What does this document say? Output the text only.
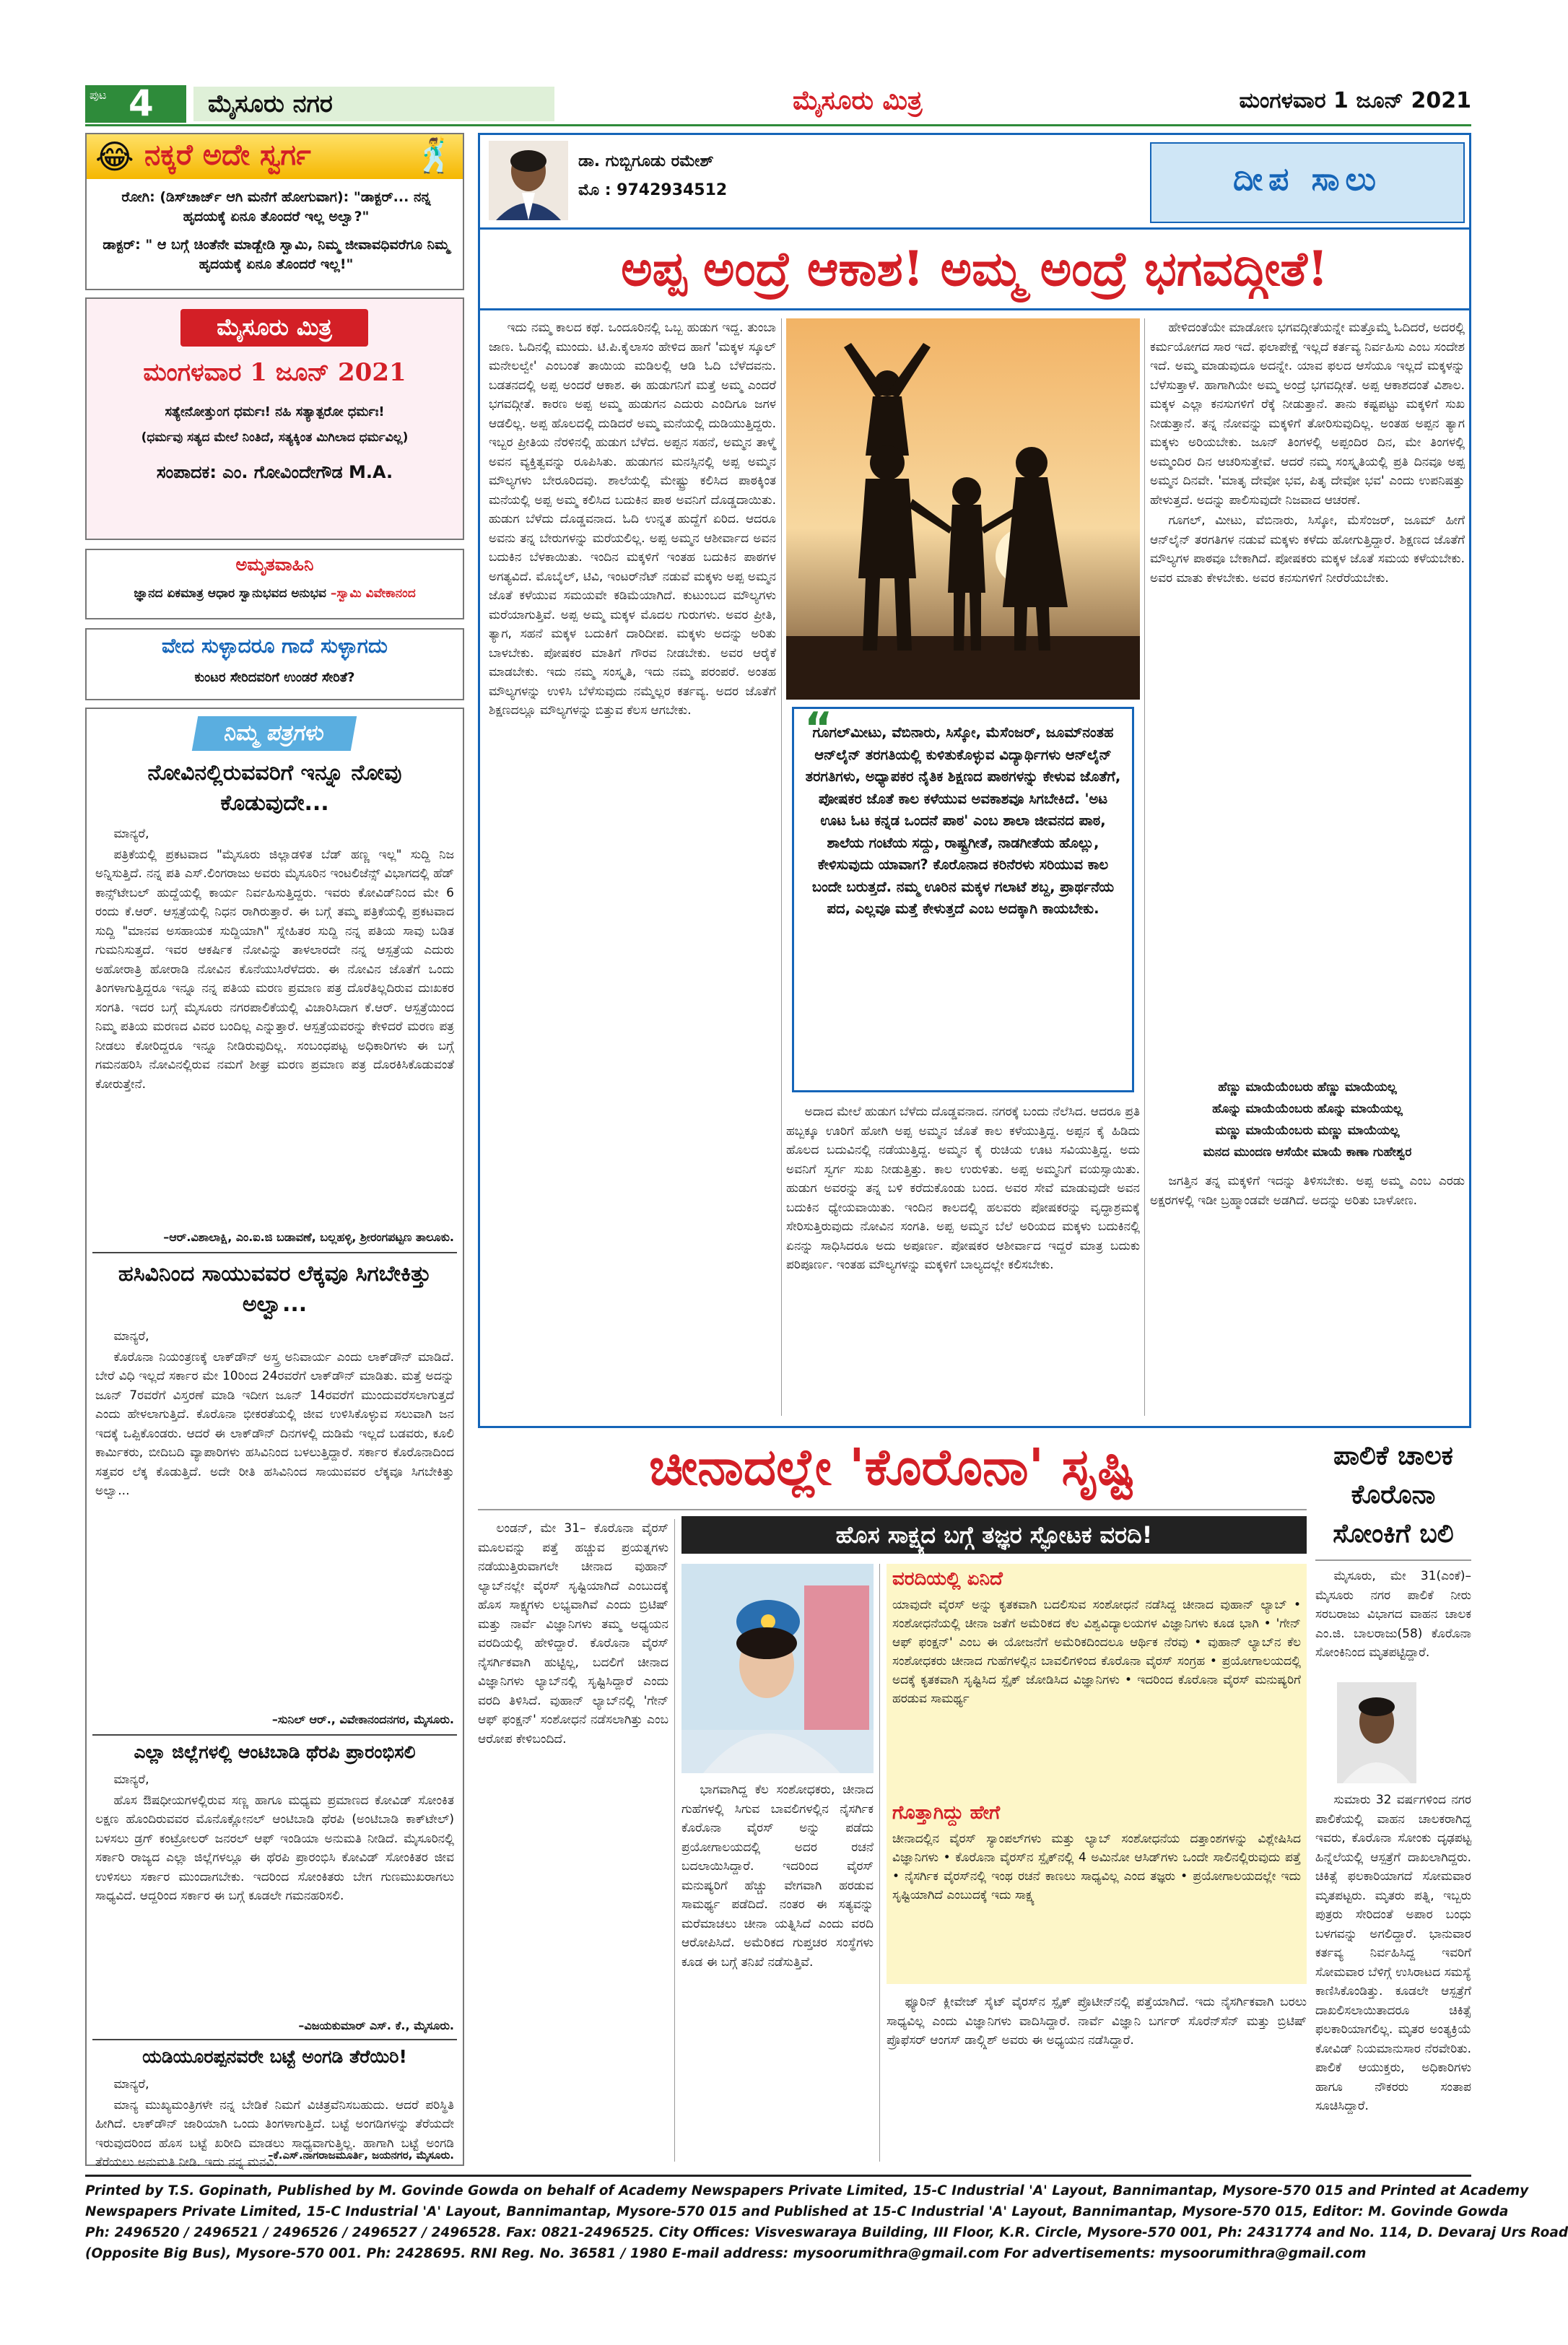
ಪುಟ 4	ಮೈಸೂರು ನಗರ	ಮೈಸೂರು ಮಿತ್ರ	ಮಂಗಳವಾರ 1 ಜೂನ್ 2021
😂 ನಕ್ಕರೆ ಅದೇ ಸ್ವರ್ಗ	🕺
ರೋಗಿ: (ಡಿಸ್‌ಚಾರ್ಜ್ ಆಗಿ ಮನೆಗೆ ಹೋಗುವಾಗ): "ಡಾಕ್ಟರ್... ನನ್ನ ಹೃದಯಕ್ಕೆ ಏನೂ ತೊಂದರೆ ಇಲ್ಲ ಅಲ್ವಾ?"
ಡಾಕ್ಟರ್: " ಆ ಬಗ್ಗೆ ಚಿಂತೆನೇ ಮಾಡ್ಬೇಡಿ ಸ್ವಾಮಿ, ನಿಮ್ಮ ಜೀವಾವಧಿವರೆಗೂ ನಿಮ್ಮ ಹೃದಯಕ್ಕೆ ಏನೂ ತೊಂದರೆ ಇಲ್ಲ!"
ಮೈಸೂರು ಮಿತ್ರ
ಮಂಗಳವಾರ 1 ಜೂನ್ 2021
ಸತ್ಯೇನೋತ್ತುಂಗ ಧರ್ಮಃ! ನಹಿ ಸತ್ಯಾತ್ಪರೋ ಧರ್ಮಃ!
(ಧರ್ಮವು ಸತ್ಯದ ಮೇಲೆ ನಿಂತಿದೆ, ಸತ್ಯಕ್ಕಿಂತ ಮಿಗಿಲಾದ ಧರ್ಮವಿಲ್ಲ)
ಸಂಪಾದಕ: ಎಂ. ಗೋವಿಂದೇಗೌಡ M.A.
ಅಮೃತವಾಹಿನಿ
ಜ್ಞಾನದ ಏಕಮಾತ್ರ ಆಧಾರ ಸ್ವಾನುಭವದ ಅನುಭವ –ಸ್ವಾಮಿ ವಿವೇಕಾನಂದ
ವೇದ ಸುಳ್ಳಾದರೂ ಗಾದೆ ಸುಳ್ಳಾಗದು
ಕುಂಟರ ಸೇರಿದವರಿಗೆ ಉಂಡರೆ ಸೇರಿತೆ?
ನಿಮ್ಮ ಪತ್ರಗಳು
ನೋವಿನಲ್ಲಿರುವವರಿಗೆ ಇನ್ನೂ ನೋವು ಕೊಡುವುದೇ...

ಮಾನ್ಯರೆ,

ಪತ್ರಿಕೆಯಲ್ಲಿ ಪ್ರಕಟವಾದ "ಮೈಸೂರು ಜಿಲ್ಲಾಡಳಿತ ಬೆಡ್ ಹಣ್ಣ ಇಲ್ಲ" ಸುದ್ದಿ ನಿಜ ಅನ್ನಿಸುತ್ತಿದೆ. ನನ್ನ ಪತಿ ಎಸ್.ಲಿಂಗರಾಜು ಅವರು ಮೈಸೂರಿನ ಇಂಟಲಿಜೆನ್ಸ್ ವಿಭಾಗದಲ್ಲಿ ಹೆಡ್ ಕಾನ್ಸ್‌ಟೇಬಲ್ ಹುದ್ದೆಯಲ್ಲಿ ಕಾರ್ಯ ನಿರ್ವಹಿಸುತ್ತಿದ್ದರು. ಇವರು ಕೋವಿಡ್‌ನಿಂದ ಮೇ 6 ರಂದು ಕೆ.ಆರ್. ಆಸ್ಪತ್ರೆಯಲ್ಲಿ ನಿಧನ ರಾಗಿರುತ್ತಾರೆ. ಈ ಬಗ್ಗೆ ತಮ್ಮ ಪತ್ರಿಕೆಯಲ್ಲಿ ಪ್ರಕಟವಾದ ಸುದ್ದಿ "ಮಾನವ ಅಸಹಾಯಕ ಸುದ್ದಿಯಾಗಿ" ಸ್ನೇಹಿತರ ಸುದ್ದಿ ನನ್ನ ಪತಿಯ ಸಾವು ಬಡಿತ ಗುಮನಿಸುತ್ತದೆ. ಇವರ ಆಕರ್ಷಿಕ ನೋವಿನ್ನು ತಾಳಲಾರದೇ ನನ್ನ ಆಸ್ಪತ್ರೆಯ ಎದುರು ಅಹೋರಾತ್ರಿ ಹೋರಾಡಿ ನೋವಿನ ಕೊನೆಯುಸಿರೆಳೆದರು. ಈ ನೋವಿನ ಜೊತೆಗೆ ಒಂದು ತಿಂಗಳಾಗುತ್ತಿದ್ದರೂ ಇನ್ನೂ ನನ್ನ ಪತಿಯ ಮರಣ ಪ್ರಮಾಣ ಪತ್ರ ದೊರೆತಿಲ್ಲದಿರುವ ದುಃಖಕರ ಸಂಗತಿ. ಇದರ ಬಗ್ಗೆ ಮೈಸೂರು ನಗರಪಾಲಿಕೆಯಲ್ಲಿ ವಿಚಾರಿಸಿದಾಗ ಕೆ.ಆರ್. ಆಸ್ಪತ್ರೆಯಿಂದ ನಿಮ್ಮ ಪತಿಯ ಮರಣದ ವಿವರ ಬಂದಿಲ್ಲ ಎನ್ನುತ್ತಾರೆ. ಆಸ್ಪತ್ರೆಯವರನ್ನು ಕೇಳಿದರೆ ಮರಣ ಪತ್ರ ನೀಡಲು ಕೋರಿದ್ದರೂ ಇನ್ನೂ ನೀಡಿರುವುದಿಲ್ಲ. ಸಂಬಂಧಪಟ್ಟ ಅಧಿಕಾರಿಗಳು ಈ ಬಗ್ಗೆ ಗಮನಹರಿಸಿ ನೋವಿನಲ್ಲಿರುವ ನಮಗೆ ಶೀಘ್ರ ಮರಣ ಪ್ರಮಾಣ ಪತ್ರ ದೊರಕಿಸಿಕೊಡುವಂತೆ ಕೋರುತ್ತೇನೆ.

–ಆರ್.ವಿಶಾಲಾಕ್ಷಿ, ಎಂ.ಐ.ಜಿ ಬಡಾವಣೆ, ಬಲ್ಲಹಳ್ಳಿ, ಶ್ರೀರಂಗಪಟ್ಟಣ ತಾಲೂಕು.
ಹಸಿವಿನಿಂದ ಸಾಯುವವರ ಲೆಕ್ಕವೂ ಸಿಗಬೇಕಿತ್ತು ಅಲ್ವಾ...

ಮಾನ್ಯರೆ,

ಕೊರೊನಾ ನಿಯಂತ್ರಣಕ್ಕೆ ಲಾಕ್‌ಡೌನ್ ಅಸ್ತ್ರ ಅನಿವಾರ್ಯ ಎಂದು ಲಾಕ್‌ಡೌನ್ ಮಾಡಿದೆ. ಬೇರೆ ವಿಧಿ ಇಲ್ಲದೆ ಸರ್ಕಾರ ಮೇ 10ರಿಂದ 24ರವರೆಗೆ ಲಾಕ್‌ಡೌನ್ ಮಾಡಿತು. ಮತ್ತೆ ಅದನ್ನು ಜೂನ್ 7ರವರೆಗೆ ವಿಸ್ತರಣೆ ಮಾಡಿ ಇದೀಗ ಜೂನ್ 14ರವರೆಗೆ ಮುಂದುವರೆಸಲಾಗುತ್ತದೆ ಎಂದು ಹೇಳಲಾಗುತ್ತಿದೆ. ಕೊರೊನಾ ಭೀಕರತೆಯಲ್ಲಿ ಜೀವ ಉಳಿಸಿಕೊಳ್ಳುವ ಸಲುವಾಗಿ ಜನ ಇದಕ್ಕೆ ಒಪ್ಪಿಕೊಂಡರು. ಆದರೆ ಈ ಲಾಕ್‌ಡೌನ್ ದಿನಗಳಲ್ಲಿ ದುಡಿಮೆ ಇಲ್ಲದೆ ಬಡವರು, ಕೂಲಿ ಕಾರ್ಮಿಕರು, ಬೀದಿಬದಿ ವ್ಯಾಪಾರಿಗಳು ಹಸಿವಿನಿಂದ ಬಳಲುತ್ತಿದ್ದಾರೆ. ಸರ್ಕಾರ ಕೊರೊನಾದಿಂದ ಸತ್ತವರ ಲೆಕ್ಕ ಕೊಡುತ್ತಿದೆ. ಅದೇ ರೀತಿ ಹಸಿವಿನಿಂದ ಸಾಯುವವರ ಲೆಕ್ಕವೂ ಸಿಗಬೇಕಿತ್ತು ಅಲ್ವಾ...

–ಸುನಿಲ್ ಆರ್., ವಿವೇಕಾನಂದನಗರ, ಮೈಸೂರು.
ಎಲ್ಲಾ ಜಿಲ್ಲೆಗಳಲ್ಲಿ ಆಂಟಿಬಾಡಿ ಥೆರಪಿ ಪ್ರಾರಂಭಿಸಲಿ

ಮಾನ್ಯರೆ,

ಹೊಸ ಔಷಧೀಯಗಳಲ್ಲಿರುವ ಸಣ್ಣ ಹಾಗೂ ಮಧ್ಯಮ ಪ್ರಮಾಣದ ಕೋವಿಡ್ ಸೋಂಕಿತ ಲಕ್ಷಣ ಹೊಂದಿರುವವರ ಮೊನೊಕ್ಲೋನಲ್ ಆಂಟಿಬಾಡಿ ಥೆರಪಿ (ಅಂಟಿಬಾಡಿ ಕಾಕ್‌ಟೇಲ್) ಬಳಸಲು ಡ್ರಗ್ ಕಂಟ್ರೋಲರ್ ಜನರಲ್ ಆಫ್ ಇಂಡಿಯಾ ಅನುಮತಿ ನೀಡಿದೆ. ಮೈಸೂರಿನಲ್ಲಿ ಸರ್ಕಾರಿ ರಾಜ್ಯದ ಎಲ್ಲಾ ಜಿಲ್ಲೆಗಳಲ್ಲೂ ಈ ಥೆರಪಿ ಪ್ರಾರಂಭಿಸಿ ಕೋವಿಡ್ ಸೋಂಕಿತರ ಜೀವ ಉಳಿಸಲು ಸರ್ಕಾರ ಮುಂದಾಗಬೇಕು. ಇದರಿಂದ ಸೋಂಕಿತರು ಬೇಗ ಗುಣಮುಖರಾಗಲು ಸಾಧ್ಯವಿದೆ. ಆದ್ದರಿಂದ ಸರ್ಕಾರ ಈ ಬಗ್ಗೆ ಕೂಡಲೇ ಗಮನಹರಿಸಲಿ.

–ವಿಜಯಕುಮಾರ್ ಎಸ್. ಕೆ., ಮೈಸೂರು.
ಯಡಿಯೂರಪ್ಪನವರೇ ಬಟ್ಟೆ ಅಂಗಡಿ ತೆರೆಯಿರಿ!

ಮಾನ್ಯರೆ,

ಮಾನ್ಯ ಮುಖ್ಯಮಂತ್ರಿಗಳೇ ನನ್ನ ಬೇಡಿಕೆ ನಿಮಗೆ ವಿಚಿತ್ರವೆನಿಸಬಹುದು. ಆದರೆ ಪರಿಸ್ಥಿತಿ ಹೀಗಿದೆ. ಲಾಕ್‌ಡೌನ್ ಜಾರಿಯಾಗಿ ಒಂದು ತಿಂಗಳಾಗುತ್ತಿದೆ. ಬಟ್ಟೆ ಅಂಗಡಿಗಳನ್ನು ತೆರೆಯದೇ ಇರುವುದರಿಂದ ಹೊಸ ಬಟ್ಟೆ ಖರೀದಿ ಮಾಡಲು ಸಾಧ್ಯವಾಗುತ್ತಿಲ್ಲ. ಹಾಗಾಗಿ ಬಟ್ಟೆ ಅಂಗಡಿ ತೆರೆಯಲು ಅನುಮತಿ ನೀಡಿ. ಇದು ನನ್ನ ಮನವಿ.

–ಕೆ.ಎಸ್.ನಾಗರಾಜಮೂರ್ತಿ, ಜಯನಗರ, ಮೈಸೂರು.
ಡಾ. ಗುಬ್ಬಿಗೂಡು ರಮೇಶ್
ಮೊ : 9742934512	ದೀಪ ಸಾಲು
ಅಪ್ಪ ಅಂದ್ರೆ ಆಕಾಶ! ಅಮ್ಮ ಅಂದ್ರೆ ಭಗವದ್ಗೀತೆ!

ಇದು ನಮ್ಮ ಕಾಲದ ಕಥೆ. ಒಂದೂರಿನಲ್ಲಿ ಒಬ್ಬ ಹುಡುಗ ಇದ್ದ. ತುಂಬಾ ಜಾಣ. ಓದಿನಲ್ಲಿ ಮುಂದು. ಟಿ.ಪಿ.ಕೈಲಾಸಂ ಹೇಳಿದ ಹಾಗೆ 'ಮಕ್ಕಳ ಸ್ಕೂಲ್ ಮನೇಲಲ್ವೇ' ಎಂಬಂತೆ ತಾಯಿಯ ಮಡಿಲಲ್ಲಿ ಆಡಿ ಓದಿ ಬೆಳೆದವನು. ಬಡತನದಲ್ಲಿ ಅಪ್ಪ ಅಂದರೆ ಆಕಾಶ. ಈ ಹುಡುಗನಿಗೆ ಮತ್ತೆ ಅಮ್ಮ ಎಂದರೆ ಭಗವದ್ಗೀತೆ. ಕಾರಣ ಅಪ್ಪ ಅಮ್ಮ ಹುಡುಗನ ಎದುರು ಎಂದಿಗೂ ಜಗಳ ಆಡಲಿಲ್ಲ. ಅಪ್ಪ ಹೊಲದಲ್ಲಿ ದುಡಿದರೆ ಅಮ್ಮ ಮನೆಯಲ್ಲಿ ದುಡಿಯುತ್ತಿದ್ದರು. ಇಬ್ಬರ ಪ್ರೀತಿಯ ನೆರಳಿನಲ್ಲಿ ಹುಡುಗ ಬೆಳೆದ. ಅಪ್ಪನ ಸಹನೆ, ಅಮ್ಮನ ತಾಳ್ಮೆ ಅವನ ವ್ಯಕ್ತಿತ್ವವನ್ನು ರೂಪಿಸಿತು. ಹುಡುಗನ ಮನಸ್ಸಿನಲ್ಲಿ ಅಪ್ಪ ಅಮ್ಮನ ಮೌಲ್ಯಗಳು ಬೇರೂರಿದವು. ಶಾಲೆಯಲ್ಲಿ ಮೇಷ್ಟ್ರು ಕಲಿಸಿದ ಪಾಠಕ್ಕಿಂತ ಮನೆಯಲ್ಲಿ ಅಪ್ಪ ಅಮ್ಮ ಕಲಿಸಿದ ಬದುಕಿನ ಪಾಠ ಅವನಿಗೆ ದೊಡ್ಡದಾಯಿತು. ಹುಡುಗ ಬೆಳೆದು ದೊಡ್ಡವನಾದ. ಓದಿ ಉನ್ನತ ಹುದ್ದೆಗೆ ಏರಿದ. ಆದರೂ ಅವನು ತನ್ನ ಬೇರುಗಳನ್ನು ಮರೆಯಲಿಲ್ಲ. ಅಪ್ಪ ಅಮ್ಮನ ಆಶೀರ್ವಾದ ಅವನ ಬದುಕಿನ ಬೆಳಕಾಯಿತು. ಇಂದಿನ ಮಕ್ಕಳಿಗೆ ಇಂತಹ ಬದುಕಿನ ಪಾಠಗಳ ಅಗತ್ಯವಿದೆ. ಮೊಬೈಲ್, ಟಿವಿ, ಇಂಟರ್‌ನೆಟ್ ನಡುವೆ ಮಕ್ಕಳು ಅಪ್ಪ ಅಮ್ಮನ ಜೊತೆ ಕಳೆಯುವ ಸಮಯವೇ ಕಡಿಮೆಯಾಗಿದೆ. ಕುಟುಂಬದ ಮೌಲ್ಯಗಳು ಮರೆಯಾಗುತ್ತಿವೆ. ಅಪ್ಪ ಅಮ್ಮ ಮಕ್ಕಳ ಮೊದಲ ಗುರುಗಳು. ಅವರ ಪ್ರೀತಿ, ತ್ಯಾಗ, ಸಹನೆ ಮಕ್ಕಳ ಬದುಕಿಗೆ ದಾರಿದೀಪ. ಮಕ್ಕಳು ಅದನ್ನು ಅರಿತು ಬಾಳಬೇಕು. ಪೋಷಕರ ಮಾತಿಗೆ ಗೌರವ ನೀಡಬೇಕು. ಅವರ ಆರೈಕೆ ಮಾಡಬೇಕು. ಇದು ನಮ್ಮ ಸಂಸ್ಕೃತಿ, ಇದು ನಮ್ಮ ಪರಂಪರೆ. ಅಂತಹ ಮೌಲ್ಯಗಳನ್ನು ಉಳಿಸಿ ಬೆಳೆಸುವುದು ನಮ್ಮೆಲ್ಲರ ಕರ್ತವ್ಯ. ಅದರ ಜೊತೆಗೆ ಶಿಕ್ಷಣದಲ್ಲೂ ಮೌಲ್ಯಗಳನ್ನು ಬಿತ್ತುವ ಕೆಲಸ ಆಗಬೇಕು.	“
ಗೂಗಲ್‌ಮೀಟು, ವೆಬಿನಾರು, ಸಿಸ್ಕೋ, ಮೆಸೆಂಜರ್, ಜೂಮ್‌ನಂತಹ ಆನ್‌ಲೈನ್ ತರಗತಿಯಲ್ಲಿ ಕುಳಿತುಕೊಳ್ಳುವ ವಿದ್ಯಾರ್ಥಿಗಳು ಆನ್‌ಲೈನ್ ತರಗತಿಗಳು, ಅಧ್ಯಾಪಕರ ನೈತಿಕ ಶಿಕ್ಷಣದ ಪಾಠಗಳನ್ನು ಕೇಳುವ ಜೊತೆಗೆ, ಪೋಷಕರ ಜೊತೆ ಕಾಲ ಕಳೆಯುವ ಅವಕಾಶವೂ ಸಿಗಬೇಕಿದೆ. 'ಅಟ ಊಟ ಓಟ ಕನ್ನಡ ಒಂದನೆ ಪಾಠ' ಎಂಬ ಶಾಲಾ ಜೀವನದ ಪಾಠ, ಶಾಲೆಯ ಗಂಟೆಯ ಸದ್ದು, ರಾಷ್ಟ್ರಗೀತೆ, ನಾಡಗೀತೆಯ ಹೊಲ್ಲು, ಕೇಳಿಸುವುದು ಯಾವಾಗ? ಕೊರೊನಾದ ಕರಿನೆರಳು ಸರಿಯುವ ಕಾಲ ಬಂದೇ ಬರುತ್ತದೆ. ನಮ್ಮ ಊರಿನ ಮಕ್ಕಳ ಗಲಾಟೆ ಶಬ್ದ, ಪ್ರಾರ್ಥನೆಯ ಪದ, ಎಲ್ಲವೂ ಮತ್ತೆ ಕೇಳುತ್ತದೆ ಎಂಬ ಅದಕ್ಕಾಗಿ ಕಾಯಬೇಕು.

ಅದಾದ ಮೇಲೆ ಹುಡುಗ ಬೆಳೆದು ದೊಡ್ಡವನಾದ. ನಗರಕ್ಕೆ ಬಂದು ನೆಲೆಸಿದ. ಆದರೂ ಪ್ರತಿ ಹಬ್ಬಕ್ಕೂ ಊರಿಗೆ ಹೋಗಿ ಅಪ್ಪ ಅಮ್ಮನ ಜೊತೆ ಕಾಲ ಕಳೆಯುತ್ತಿದ್ದ. ಅಪ್ಪನ ಕೈ ಹಿಡಿದು ಹೊಲದ ಬದುವಿನಲ್ಲಿ ನಡೆಯುತ್ತಿದ್ದ. ಅಮ್ಮನ ಕೈ ರುಚಿಯ ಊಟ ಸವಿಯುತ್ತಿದ್ದ. ಅದು ಅವನಿಗೆ ಸ್ವರ್ಗ ಸುಖ ನೀಡುತ್ತಿತ್ತು. ಕಾಲ ಉರುಳಿತು. ಅಪ್ಪ ಅಮ್ಮನಿಗೆ ವಯಸ್ಸಾಯಿತು. ಹುಡುಗ ಅವರನ್ನು ತನ್ನ ಬಳಿ ಕರೆದುಕೊಂಡು ಬಂದ. ಅವರ ಸೇವೆ ಮಾಡುವುದೇ ಅವನ ಬದುಕಿನ ಧ್ಯೇಯವಾಯಿತು. ಇಂದಿನ ಕಾಲದಲ್ಲಿ ಹಲವರು ಪೋಷಕರನ್ನು ವೃದ್ಧಾಶ್ರಮಕ್ಕೆ ಸೇರಿಸುತ್ತಿರುವುದು ನೋವಿನ ಸಂಗತಿ. ಅಪ್ಪ ಅಮ್ಮನ ಬೆಲೆ ಅರಿಯದ ಮಕ್ಕಳು ಬದುಕಿನಲ್ಲಿ ಏನನ್ನು ಸಾಧಿಸಿದರೂ ಅದು ಅಪೂರ್ಣ. ಪೋಷಕರ ಆಶೀರ್ವಾದ ಇದ್ದರೆ ಮಾತ್ರ ಬದುಕು ಪರಿಪೂರ್ಣ. ಇಂತಹ ಮೌಲ್ಯಗಳನ್ನು ಮಕ್ಕಳಿಗೆ ಬಾಲ್ಯದಲ್ಲೇ ಕಲಿಸಬೇಕು.

ಹೇಳಿದಂತೆಯೇ ಮಾಡೋಣ ಭಗವದ್ಗೀತೆಯನ್ನೇ ಮತ್ತೊಮ್ಮೆ ಓದಿದರೆ, ಅದರಲ್ಲಿ ಕರ್ಮಯೋಗದ ಸಾರ ಇದೆ. ಫಲಾಪೇಕ್ಷೆ ಇಲ್ಲದೆ ಕರ್ತವ್ಯ ನಿರ್ವಹಿಸು ಎಂಬ ಸಂದೇಶ ಇದೆ. ಅಮ್ಮ ಮಾಡುವುದೂ ಅದನ್ನೇ. ಯಾವ ಫಲದ ಆಸೆಯೂ ಇಲ್ಲದೆ ಮಕ್ಕಳನ್ನು ಬೆಳೆಸುತ್ತಾಳೆ. ಹಾಗಾಗಿಯೇ ಅಮ್ಮ ಅಂದ್ರೆ ಭಗವದ್ಗೀತೆ. ಅಪ್ಪ ಆಕಾಶದಂತೆ ವಿಶಾಲ. ಮಕ್ಕಳ ಎಲ್ಲಾ ಕನಸುಗಳಿಗೆ ರೆಕ್ಕೆ ನೀಡುತ್ತಾನೆ. ತಾನು ಕಷ್ಟಪಟ್ಟು ಮಕ್ಕಳಿಗೆ ಸುಖ ನೀಡುತ್ತಾನೆ. ತನ್ನ ನೋವನ್ನು ಮಕ್ಕಳಿಗೆ ತೋರಿಸುವುದಿಲ್ಲ. ಅಂತಹ ಅಪ್ಪನ ತ್ಯಾಗ ಮಕ್ಕಳು ಅರಿಯಬೇಕು. ಜೂನ್ ತಿಂಗಳಲ್ಲಿ ಅಪ್ಪಂದಿರ ದಿನ, ಮೇ ತಿಂಗಳಲ್ಲಿ ಅಮ್ಮಂದಿರ ದಿನ ಆಚರಿಸುತ್ತೇವೆ. ಆದರೆ ನಮ್ಮ ಸಂಸ್ಕೃತಿಯಲ್ಲಿ ಪ್ರತಿ ದಿನವೂ ಅಪ್ಪ ಅಮ್ಮನ ದಿನವೇ. 'ಮಾತೃ ದೇವೋ ಭವ, ಪಿತೃ ದೇವೋ ಭವ' ಎಂದು ಉಪನಿಷತ್ತು ಹೇಳುತ್ತದೆ. ಅದನ್ನು ಪಾಲಿಸುವುದೇ ನಿಜವಾದ ಆಚರಣೆ.

ಗೂಗಲ್, ಮೀಟು, ವೆಬಿನಾರು, ಸಿಸ್ಕೋ, ಮೆಸೆಂಜರ್, ಜೂಮ್ ಹೀಗೆ ಆನ್‌ಲೈನ್ ತರಗತಿಗಳ ನಡುವೆ ಮಕ್ಕಳು ಕಳೆದು ಹೋಗುತ್ತಿದ್ದಾರೆ. ಶಿಕ್ಷಣದ ಜೊತೆಗೆ ಮೌಲ್ಯಗಳ ಪಾಠವೂ ಬೇಕಾಗಿದೆ. ಪೋಷಕರು ಮಕ್ಕಳ ಜೊತೆ ಸಮಯ ಕಳೆಯಬೇಕು. ಅವರ ಮಾತು ಕೇಳಬೇಕು. ಅವರ ಕನಸುಗಳಿಗೆ ನೀರೆರೆಯಬೇಕು.

ಹೆಣ್ಣು ಮಾಯೆಯೆಂಬರು ಹೆಣ್ಣು ಮಾಯೆಯಲ್ಲ
ಹೊನ್ನು ಮಾಯೆಯೆಂಬರು ಹೊನ್ನು ಮಾಯೆಯಲ್ಲ
ಮಣ್ಣು ಮಾಯೆಯೆಂಬರು ಮಣ್ಣು ಮಾಯೆಯಲ್ಲ
ಮನದ ಮುಂದಣ ಆಸೆಯೇ ಮಾಯೆ ಕಾಣಾ ಗುಹೇಶ್ವರ

ಜಗತ್ತಿನ ತನ್ನ ಮಕ್ಕಳಿಗೆ ಇದನ್ನು ತಿಳಿಸಬೇಕು. ಅಪ್ಪ ಅಮ್ಮ ಎಂಬ ಎರಡು ಅಕ್ಷರಗಳಲ್ಲಿ ಇಡೀ ಬ್ರಹ್ಮಾಂಡವೇ ಅಡಗಿದೆ. ಅದನ್ನು ಅರಿತು ಬಾಳೋಣ.

ಚೀನಾದಲ್ಲೇ 'ಕೊರೊನಾ' ಸೃಷ್ಟಿ

ಲಂಡನ್, ಮೇ 31– ಕೊರೊನಾ ವೈರಸ್ ಮೂಲವನ್ನು ಪತ್ತೆ ಹಚ್ಚುವ ಪ್ರಯತ್ನಗಳು ನಡೆಯುತ್ತಿರುವಾಗಲೇ ಚೀನಾದ ವುಹಾನ್ ಲ್ಯಾಬ್‌ನಲ್ಲೇ ವೈರಸ್ ಸೃಷ್ಟಿಯಾಗಿದೆ ಎಂಬುದಕ್ಕೆ ಹೊಸ ಸಾಕ್ಷ್ಯಗಳು ಲಭ್ಯವಾಗಿವೆ ಎಂದು ಬ್ರಿಟಿಷ್ ಮತ್ತು ನಾರ್ವೆ ವಿಜ್ಞಾನಿಗಳು ತಮ್ಮ ಅಧ್ಯಯನ ವರದಿಯಲ್ಲಿ ಹೇಳಿದ್ದಾರೆ. ಕೊರೊನಾ ವೈರಸ್ ನೈಸರ್ಗಿಕವಾಗಿ ಹುಟ್ಟಿಲ್ಲ, ಬದಲಿಗೆ ಚೀನಾದ ವಿಜ್ಞಾನಿಗಳು ಲ್ಯಾಬ್‌ನಲ್ಲಿ ಸೃಷ್ಟಿಸಿದ್ದಾರೆ ಎಂದು ವರದಿ ತಿಳಿಸಿದೆ. ವುಹಾನ್ ಲ್ಯಾಬ್‌ನಲ್ಲಿ 'ಗೇನ್ ಆಫ್ ಫಂಕ್ಷನ್' ಸಂಶೋಧನೆ ನಡೆಸಲಾಗಿತ್ತು ಎಂಬ ಆರೋಪ ಕೇಳಿಬಂದಿದೆ.

ಹೊಸ ಸಾಕ್ಷ್ಯದ ಬಗ್ಗೆ ತಜ್ಞರ ಸ್ಫೋಟಕ ವರದಿ!

ಭಾಗವಾಗಿದ್ದ ಕೆಲ ಸಂಶೋಧಕರು, ಚೀನಾದ ಗುಹೆಗಳಲ್ಲಿ ಸಿಗುವ ಬಾವಲಿಗಳಲ್ಲಿನ ನೈಸರ್ಗಿಕ ಕೊರೊನಾ ವೈರಸ್ ಅನ್ನು ಪಡೆದು ಪ್ರಯೋಗಾಲಯದಲ್ಲಿ ಅದರ ರಚನೆ ಬದಲಾಯಿಸಿದ್ದಾರೆ. ಇದರಿಂದ ವೈರಸ್ ಮನುಷ್ಯರಿಗೆ ಹೆಚ್ಚು ವೇಗವಾಗಿ ಹರಡುವ ಸಾಮರ್ಥ್ಯ ಪಡೆದಿದೆ. ನಂತರ ಈ ಸತ್ಯವನ್ನು ಮರೆಮಾಚಲು ಚೀನಾ ಯತ್ನಿಸಿದೆ ಎಂದು ವರದಿ ಆರೋಪಿಸಿದೆ. ಅಮೆರಿಕದ ಗುಪ್ತಚರ ಸಂಸ್ಥೆಗಳು ಕೂಡ ಈ ಬಗ್ಗೆ ತನಿಖೆ ನಡೆಸುತ್ತಿವೆ.

ವರದಿಯಲ್ಲಿ ಏನಿದೆ
ಯಾವುದೇ ವೈರಸ್ ಅನ್ನು ಕೃತಕವಾಗಿ ಬದಲಿಸುವ ಸಂಶೋಧನೆ ನಡೆಸಿದ್ದ ಚೀನಾದ ವುಹಾನ್ ಲ್ಯಾಬ್ • ಸಂಶೋಧನೆಯಲ್ಲಿ ಚೀನಾ ಜತೆಗೆ ಅಮೆರಿಕದ ಕೆಲ ವಿಶ್ವವಿದ್ಯಾಲಯಗಳ ವಿಜ್ಞಾನಿಗಳು ಕೂಡ ಭಾಗಿ • 'ಗೇನ್ ಆಫ್ ಫಂಕ್ಷನ್' ಎಂಬ ಈ ಯೋಜನೆಗೆ ಅಮೆರಿಕದಿಂದಲೂ ಆರ್ಥಿಕ ನೆರವು • ವುಹಾನ್ ಲ್ಯಾಬ್‌ನ ಕೆಲ ಸಂಶೋಧಕರು ಚೀನಾದ ಗುಹೆಗಳಲ್ಲಿನ ಬಾವಲಿಗಳಿಂದ ಕೊರೊನಾ ವೈರಸ್ ಸಂಗ್ರಹ • ಪ್ರಯೋಗಾಲಯದಲ್ಲಿ ಅದಕ್ಕೆ ಕೃತಕವಾಗಿ ಸೃಷ್ಟಿಸಿದ ಸ್ಪೈಕ್ ಜೋಡಿಸಿದ ವಿಜ್ಞಾನಿಗಳು • ಇದರಿಂದ ಕೊರೊನಾ ವೈರಸ್ ಮನುಷ್ಯರಿಗೆ ಹರಡುವ ಸಾಮರ್ಥ್ಯ
ಗೊತ್ತಾಗಿದ್ದು ಹೇಗೆ
ಚೀನಾದಲ್ಲಿನ ವೈರಸ್ ಸ್ಯಾಂಪಲ್‌ಗಳು ಮತ್ತು ಲ್ಯಾಬ್ ಸಂಶೋಧನೆಯ ದತ್ತಾಂಶಗಳನ್ನು ವಿಶ್ಲೇಷಿಸಿದ ವಿಜ್ಞಾನಿಗಳು • ಕೊರೊನಾ ವೈರಸ್‌ನ ಸ್ಪೈಕ್‌ನಲ್ಲಿ 4 ಅಮಿನೋ ಆಸಿಡ್‌ಗಳು ಒಂದೇ ಸಾಲಿನಲ್ಲಿರುವುದು ಪತ್ತೆ • ನೈಸರ್ಗಿಕ ವೈರಸ್‌ನಲ್ಲಿ ಇಂಥ ರಚನೆ ಕಾಣಲು ಸಾಧ್ಯವಿಲ್ಲ ಎಂದ ತಜ್ಞರು • ಪ್ರಯೋಗಾಲಯದಲ್ಲೇ ಇದು ಸೃಷ್ಟಿಯಾಗಿದೆ ಎಂಬುದಕ್ಕೆ ಇದು ಸಾಕ್ಷ್ಯ

ಫ್ಯೂರಿನ್ ಕ್ಲೀವೇಜ್ ಸೈಟ್ ವೈರಸ್‌ನ ಸ್ಪೈಕ್ ಪ್ರೊಟೀನ್‌ನಲ್ಲಿ ಪತ್ತೆಯಾಗಿದೆ. ಇದು ನೈಸರ್ಗಿಕವಾಗಿ ಬರಲು ಸಾಧ್ಯವಿಲ್ಲ ಎಂದು ವಿಜ್ಞಾನಿಗಳು ವಾದಿಸಿದ್ದಾರೆ. ನಾರ್ವೆ ವಿಜ್ಞಾನಿ ಬರ್ಗರ್ ಸೊರೆನ್‌ಸೆನ್ ಮತ್ತು ಬ್ರಿಟಿಷ್ ಪ್ರೊಫೆಸರ್ ಆಂಗಸ್ ಡಾಲ್ಗ್ಲಿಶ್ ಅವರು ಈ ಅಧ್ಯಯನ ನಡೆಸಿದ್ದಾರೆ.

ಪಾಲಿಕೆ ಚಾಲಕ ಕೊರೊನಾ ಸೋಂಕಿಗೆ ಬಲಿ

ಮೈಸೂರು, ಮೇ 31(ಎಂಕೆ)– ಮೈಸೂರು ನಗರ ಪಾಲಿಕೆ ನೀರು ಸರಬರಾಜು ವಿಭಾಗದ ವಾಹನ ಚಾಲಕ ಎಂ.ಜಿ. ಬಾಲರಾಜು(58) ಕೊರೊನಾ ಸೋಂಕಿನಿಂದ ಮೃತಪಟ್ಟಿದ್ದಾರೆ.

ಸುಮಾರು 32 ವರ್ಷಗಳಿಂದ ನಗರ ಪಾಲಿಕೆಯಲ್ಲಿ ವಾಹನ ಚಾಲಕರಾಗಿದ್ದ ಇವರು, ಕೊರೊನಾ ಸೋಂಕು ದೃಢಪಟ್ಟ ಹಿನ್ನೆಲೆಯಲ್ಲಿ ಆಸ್ಪತ್ರೆಗೆ ದಾಖಲಾಗಿದ್ದರು. ಚಿಕಿತ್ಸೆ ಫಲಕಾರಿಯಾಗದೆ ಸೋಮವಾರ ಮೃತಪಟ್ಟರು. ಮೃತರು ಪತ್ನಿ, ಇಬ್ಬರು ಪುತ್ರರು ಸೇರಿದಂತೆ ಅಪಾರ ಬಂಧು ಬಳಗವನ್ನು ಅಗಲಿದ್ದಾರೆ. ಭಾನುವಾರ ಕರ್ತವ್ಯ ನಿರ್ವಹಿಸಿದ್ದ ಇವರಿಗೆ ಸೋಮವಾರ ಬೆಳಿಗ್ಗೆ ಉಸಿರಾಟದ ಸಮಸ್ಯೆ ಕಾಣಿಸಿಕೊಂಡಿತ್ತು. ಕೂಡಲೇ ಆಸ್ಪತ್ರೆಗೆ ದಾಖಲಿಸಲಾಯಿತಾದರೂ ಚಿಕಿತ್ಸೆ ಫಲಕಾರಿಯಾಗಲಿಲ್ಲ. ಮೃತರ ಅಂತ್ಯಕ್ರಿಯೆ ಕೋವಿಡ್ ನಿಯಮಾನುಸಾರ ನೆರವೇರಿತು. ಪಾಲಿಕೆ ಆಯುಕ್ತರು, ಅಧಿಕಾರಿಗಳು ಹಾಗೂ ನೌಕರರು ಸಂತಾಪ ಸೂಚಿಸಿದ್ದಾರೆ.

Printed by T.S. Gopinath, Published by M. Govinde Gowda on behalf of Academy Newspapers Private Limited, 15-C Industrial 'A' Layout, Bannimantap, Mysore-570 015 and Printed at Academy
Newspapers Private Limited, 15-C Industrial 'A' Layout, Bannimantap, Mysore-570 015 and Published at 15-C Industrial 'A' Layout, Bannimantap, Mysore-570 015, Editor: M. Govinde Gowda
Ph: 2496520 / 2496521 / 2496526 / 2496527 / 2496528. Fax: 0821-2496525. City Offices: Visveswaraya Building, III Floor, K.R. Circle, Mysore-570 001, Ph: 2431774 and No. 114, D. Devaraj Urs Road
(Opposite Big Bus), Mysore-570 001. Ph: 2428695. RNI Reg. No. 36581 / 1980 E-mail address: mysoorumithra@gmail.com For advertisements: mysoorumithra@gmail.com
